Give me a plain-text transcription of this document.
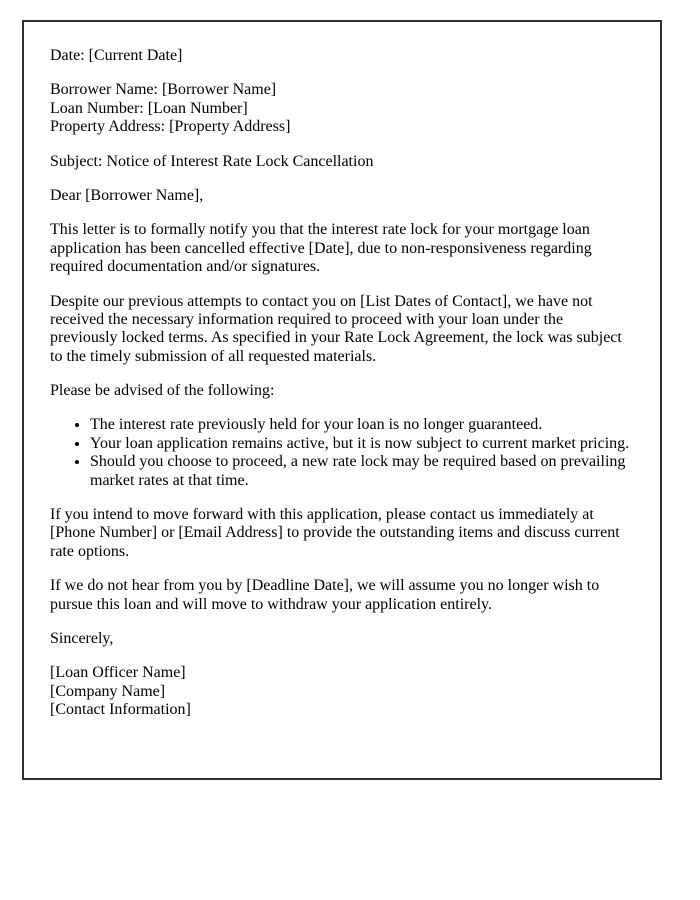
Date: [Current Date]

Borrower Name: [Borrower Name]

Loan Number: [Loan Number]

Property Address: [Property Address]

Subject: Notice of Interest Rate Lock Cancellation

Dear [Borrower Name],

This letter is to formally notify you that the interest rate lock for your mortgage loan application has been cancelled effective [Date], due to non-responsiveness regarding required documentation and/or signatures.

Despite our previous attempts to contact you on [List Dates of Contact], we have not received the necessary information required to proceed with your loan under the previously locked terms. As specified in your Rate Lock Agreement, the lock was subject to the timely submission of all requested materials.

Please be advised of the following:

• The interest rate previously held for your loan is no longer guaranteed.
• Your loan application remains active, but it is now subject to current market pricing.
• Should you choose to proceed, a new rate lock may be required based on prevailing market rates at that time.

If you intend to move forward with this application, please contact us immediately at [Phone Number] or [Email Address] to provide the outstanding items and discuss current rate options.

If we do not hear from you by [Deadline Date], we will assume you no longer wish to pursue this loan and will move to withdraw your application entirely.

Sincerely,

[Loan Officer Name]

[Company Name]

[Contact Information]
